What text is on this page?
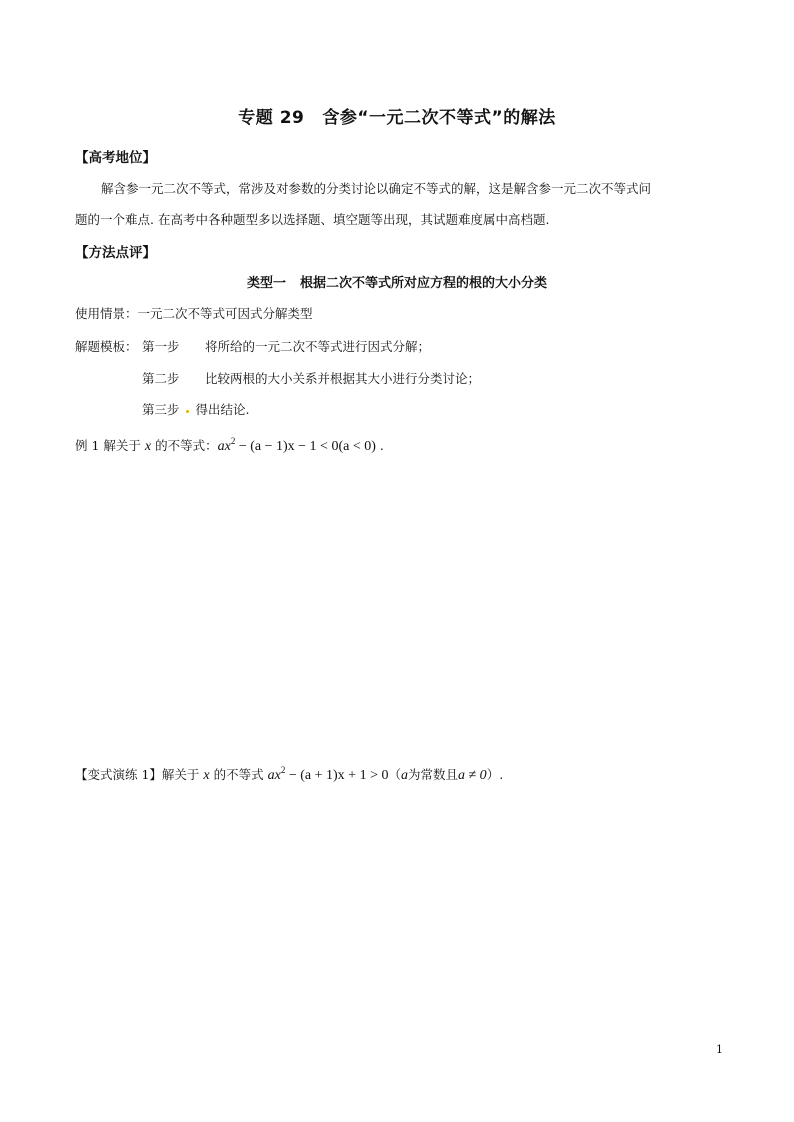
专题 29 含参“一元二次不等式”的解法
【高考地位】
解含参一元二次不等式，常涉及对参数的分类讨论以确定不等式的解，这是解含参一元二次不等式问
题的一个难点. 在高考中各种题型多以选择题、填空题等出现，其试题难度属中高档题.
【方法点评】
类型一 根据二次不等式所对应方程的根的大小分类
使用情景：一元二次不等式可因式分解类型
解题模板： 第一步 将所给的一元二次不等式进行因式分解；
第二步 比较两根的大小关系并根据其大小进行分类讨论；
第三步 得出结论.
例 1 解关于 x 的不等式：$ax^2 - (a - 1)x - 1 < 0(a < 0)$ .
【变式演练 1】解关于 x 的不等式 $ax^2 - (a + 1)x + 1 > 0(a$为常数且a ≠ 0）.
1
